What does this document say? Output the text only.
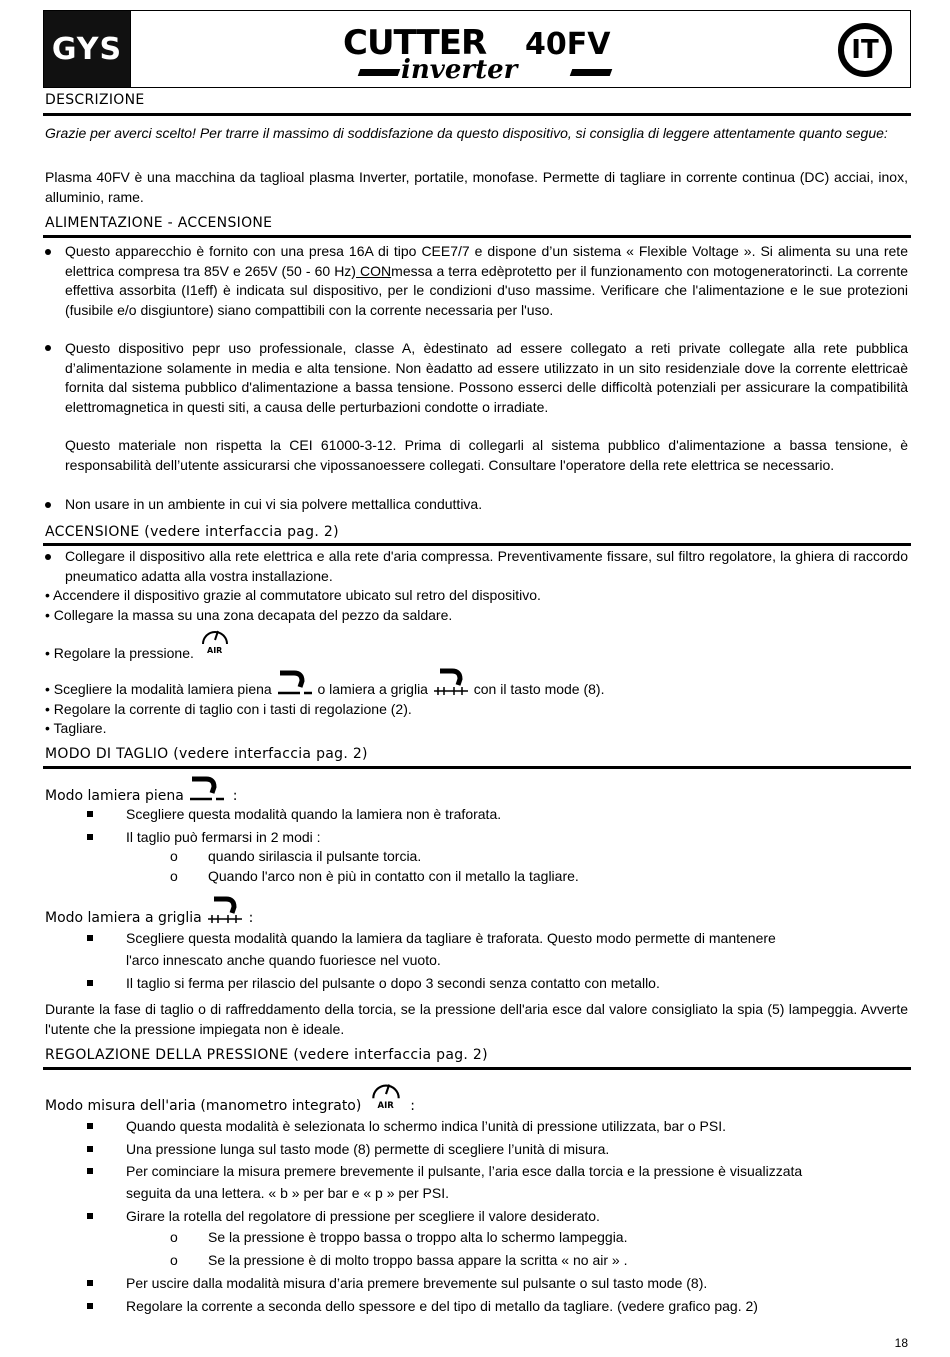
GYS	CUTTER 40FV
inverter
IT
DESCRIZIONE
Grazie per averci scelto! Per trarre il massimo di soddisfazione da questo dispositivo, si consiglia di leggere attentamente quanto segue:
Plasma 40FV è una macchina da taglioal plasma Inverter, portatile, monofase. Permette di tagliare in corrente continua (DC) acciai, inox, alluminio, rame.
ALIMENTAZIONE - ACCENSIONE
Questo apparecchio è fornito con una presa 16A di tipo CEE7/7 e dispone d’un sistema « Flexible Voltage ». Si alimenta su una rete elettrica compresa tra 85V e 265V (50 - 60 Hz) CONmessa a terra edèprotetto per il funzionamento con motogeneratorincti. La corrente effettiva assorbita (I1eff) è indicata sul dispositivo, per le condizioni d'uso massime. Verificare che l'alimentazione e le sue protezioni (fusibile e/o disgiuntore) siano compattibili con la corrente necessaria per l'uso.
Questo dispositivo pepr uso professionale, classe A, èdestinato ad essere collegato a reti private collegate alla rete pubblica d’alimentazione solamente in media e alta tensione. Non èadatto ad essere utilizzato in un sito residenziale dove la corrente elettricaè fornita dal sistema pubblico d'alimentazione a bassa tensione. Possono esserci delle difficoltà potenziali per assicurare la compatibilità elettromagnetica in questi siti, a causa delle perturbazioni condotte o irradiate.
Questo materiale non rispetta la CEI 61000-3-12. Prima di collegarli al sistema pubblico d'alimentazione a bassa tensione, è responsabilità dell’utente assicurarsi che vipossanoessere collegati. Consultare l'operatore della rete elettrica se necessario.
Non usare in un ambiente in cui vi sia polvere mettallica conduttiva.
ACCENSIONE (vedere interfaccia pag. 2)
Collegare il dispositivo alla rete elettrica e alla rete d'aria compressa. Preventivamente fissare, sul filtro regolatore, la ghiera di raccordo pneumatico adatta alla vostra installazione.
• Accendere il dispositivo grazie al commutatore ubicato sul retro del dispositivo.
• Collegare la massa su una zona decapata del pezzo da saldare.
• Regolare la pressione. AIR
• Scegliere la modalità lamiera piena	o lamiera a griglia	con il tasto mode (8).
• Regolare la corrente di taglio con i tasti di regolazione (2).
• Tagliare.
MODO DI TAGLIO (vedere interfaccia pag. 2)
Modo lamiera piena	:
Scegliere questa modalità quando la lamiera non è traforata.
Il taglio può fermarsi in 2 modi :
o quando sirilascia il pulsante torcia.
o Quando l'arco non è più in contatto con il metallo la tagliare.
Modo lamiera a griglia	:
Scegliere questa modalità quando la lamiera da tagliare è traforata. Questo modo permette di mantenere
l'arco innescato anche quando fuoriesce nel vuoto.
Il taglio si ferma per rilascio del pulsante o dopo 3 secondi senza contatto con metallo.
Durante la fase di taglio o di raffreddamento della torcia, se la pressione dell'aria esce dal valore consigliato la spia (5) lampeggia. Avverte l'utente che la pressione impiegata non è ideale.
REGOLAZIONE DELLA PRESSIONE (vedere interfaccia pag. 2)
Modo misura dell'aria (manometro integrato) AIR :
Quando questa modalità è selezionata lo schermo indica l’unità di pressione utilizzata, bar o PSI.
Una pressione lunga sul tasto mode (8) permette di scegliere l’unità di misura.
Per cominciare la misura premere brevemente il pulsante, l’aria esce dalla torcia e la pressione è visualizzata
seguita da una lettera. « b » per bar e « p » per PSI.
Girare la rotella del regolatore di pressione per scegliere il valore desiderato.
o Se la pressione è troppo bassa o troppo alta lo schermo lampeggia.
o Se la pressione è di molto troppo bassa appare la scritta « no air » .
Per uscire dalla modalità misura d’aria premere brevemente sul pulsante o sul tasto mode (8).
Regolare la corrente a seconda dello spessore e del tipo di metallo da tagliare. (vedere grafico pag. 2)
18
